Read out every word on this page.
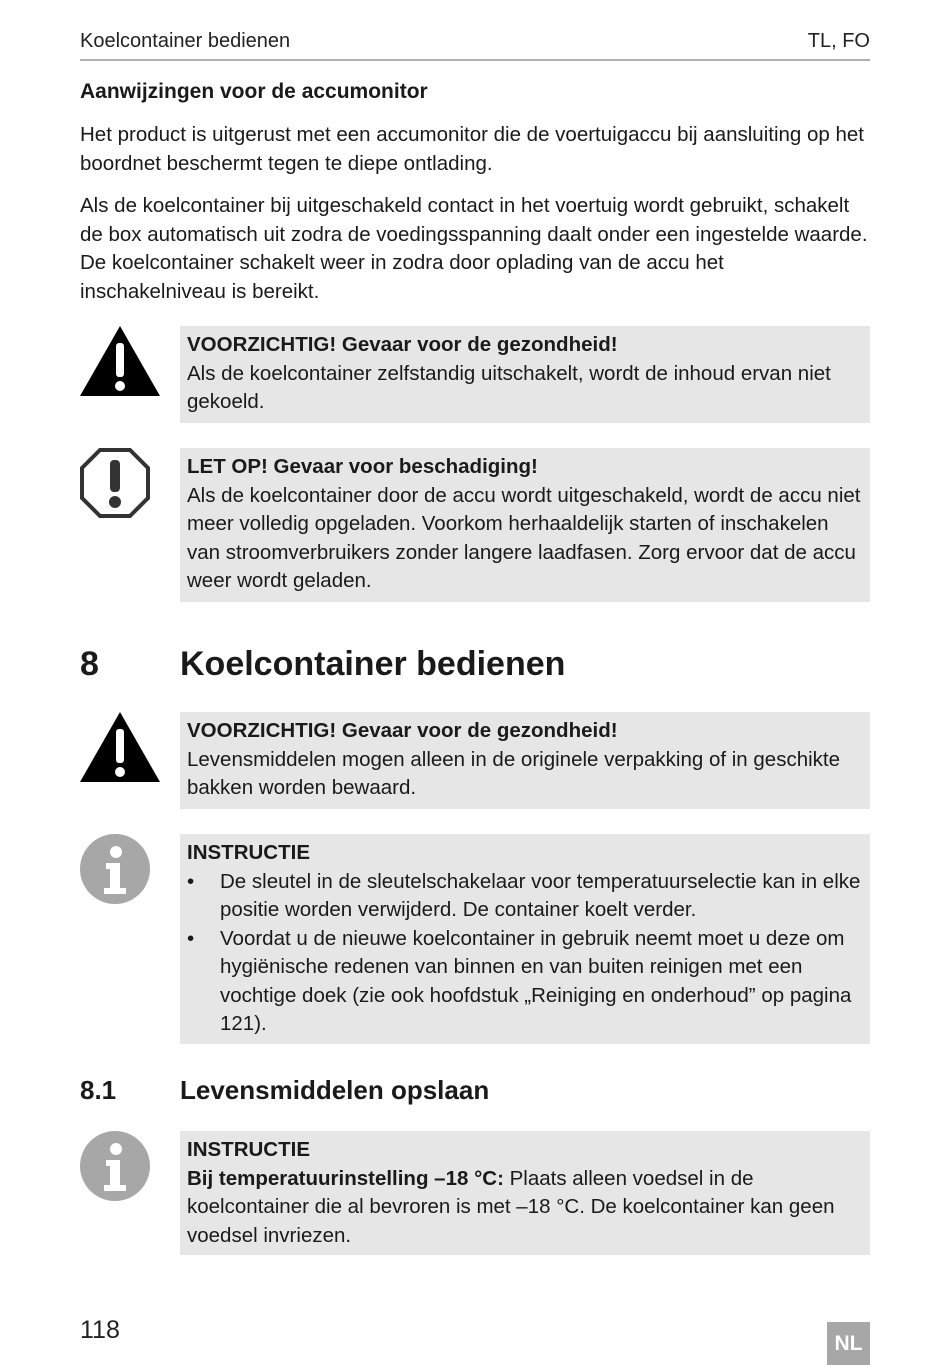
Koelcontainer bedienen	TL, FO
Aanwijzingen voor de accumonitor
Het product is uitgerust met een accumonitor die de voertuigaccu bij aansluiting op het boordnet beschermt tegen te diepe ontlading.
Als de koelcontainer bij uitgeschakeld contact in het voertuig wordt gebruikt, schakelt de box automatisch uit zodra de voedingsspanning daalt onder een ingestelde waarde. De koelcontainer schakelt weer in zodra door oplading van de accu het inschakelniveau is bereikt.
VOORZICHTIG! Gevaar voor de gezondheid!
Als de koelcontainer zelfstandig uitschakelt, wordt de inhoud ervan niet gekoeld.
LET OP! Gevaar voor beschadiging!
Als de koelcontainer door de accu wordt uitgeschakeld, wordt de accu niet meer volledig opgeladen. Voorkom herhaaldelijk starten of inschakelen van stroomverbruikers zonder langere laadfasen. Zorg ervoor dat de accu weer wordt geladen.
8 Koelcontainer bedienen
VOORZICHTIG! Gevaar voor de gezondheid!
Levensmiddelen mogen alleen in de originele verpakking of in geschikte bakken worden bewaard.
INSTRUCTIE
• De sleutel in de sleutelschakelaar voor temperatuurselectie kan in elke positie worden verwijderd. De container koelt verder.
• Voordat u de nieuwe koelcontainer in gebruik neemt moet u deze om hygiënische redenen van binnen en van buiten reinigen met een vochtige doek (zie ook hoofdstuk „Reiniging en onderhoud” op pagina 121).
8.1 Levensmiddelen opslaan
INSTRUCTIE
Bij temperatuurinstelling –18 °C: Plaats alleen voedsel in de koelcontainer die al bevroren is met –18 °C. De koelcontainer kan geen voedsel invriezen.
118	NL
